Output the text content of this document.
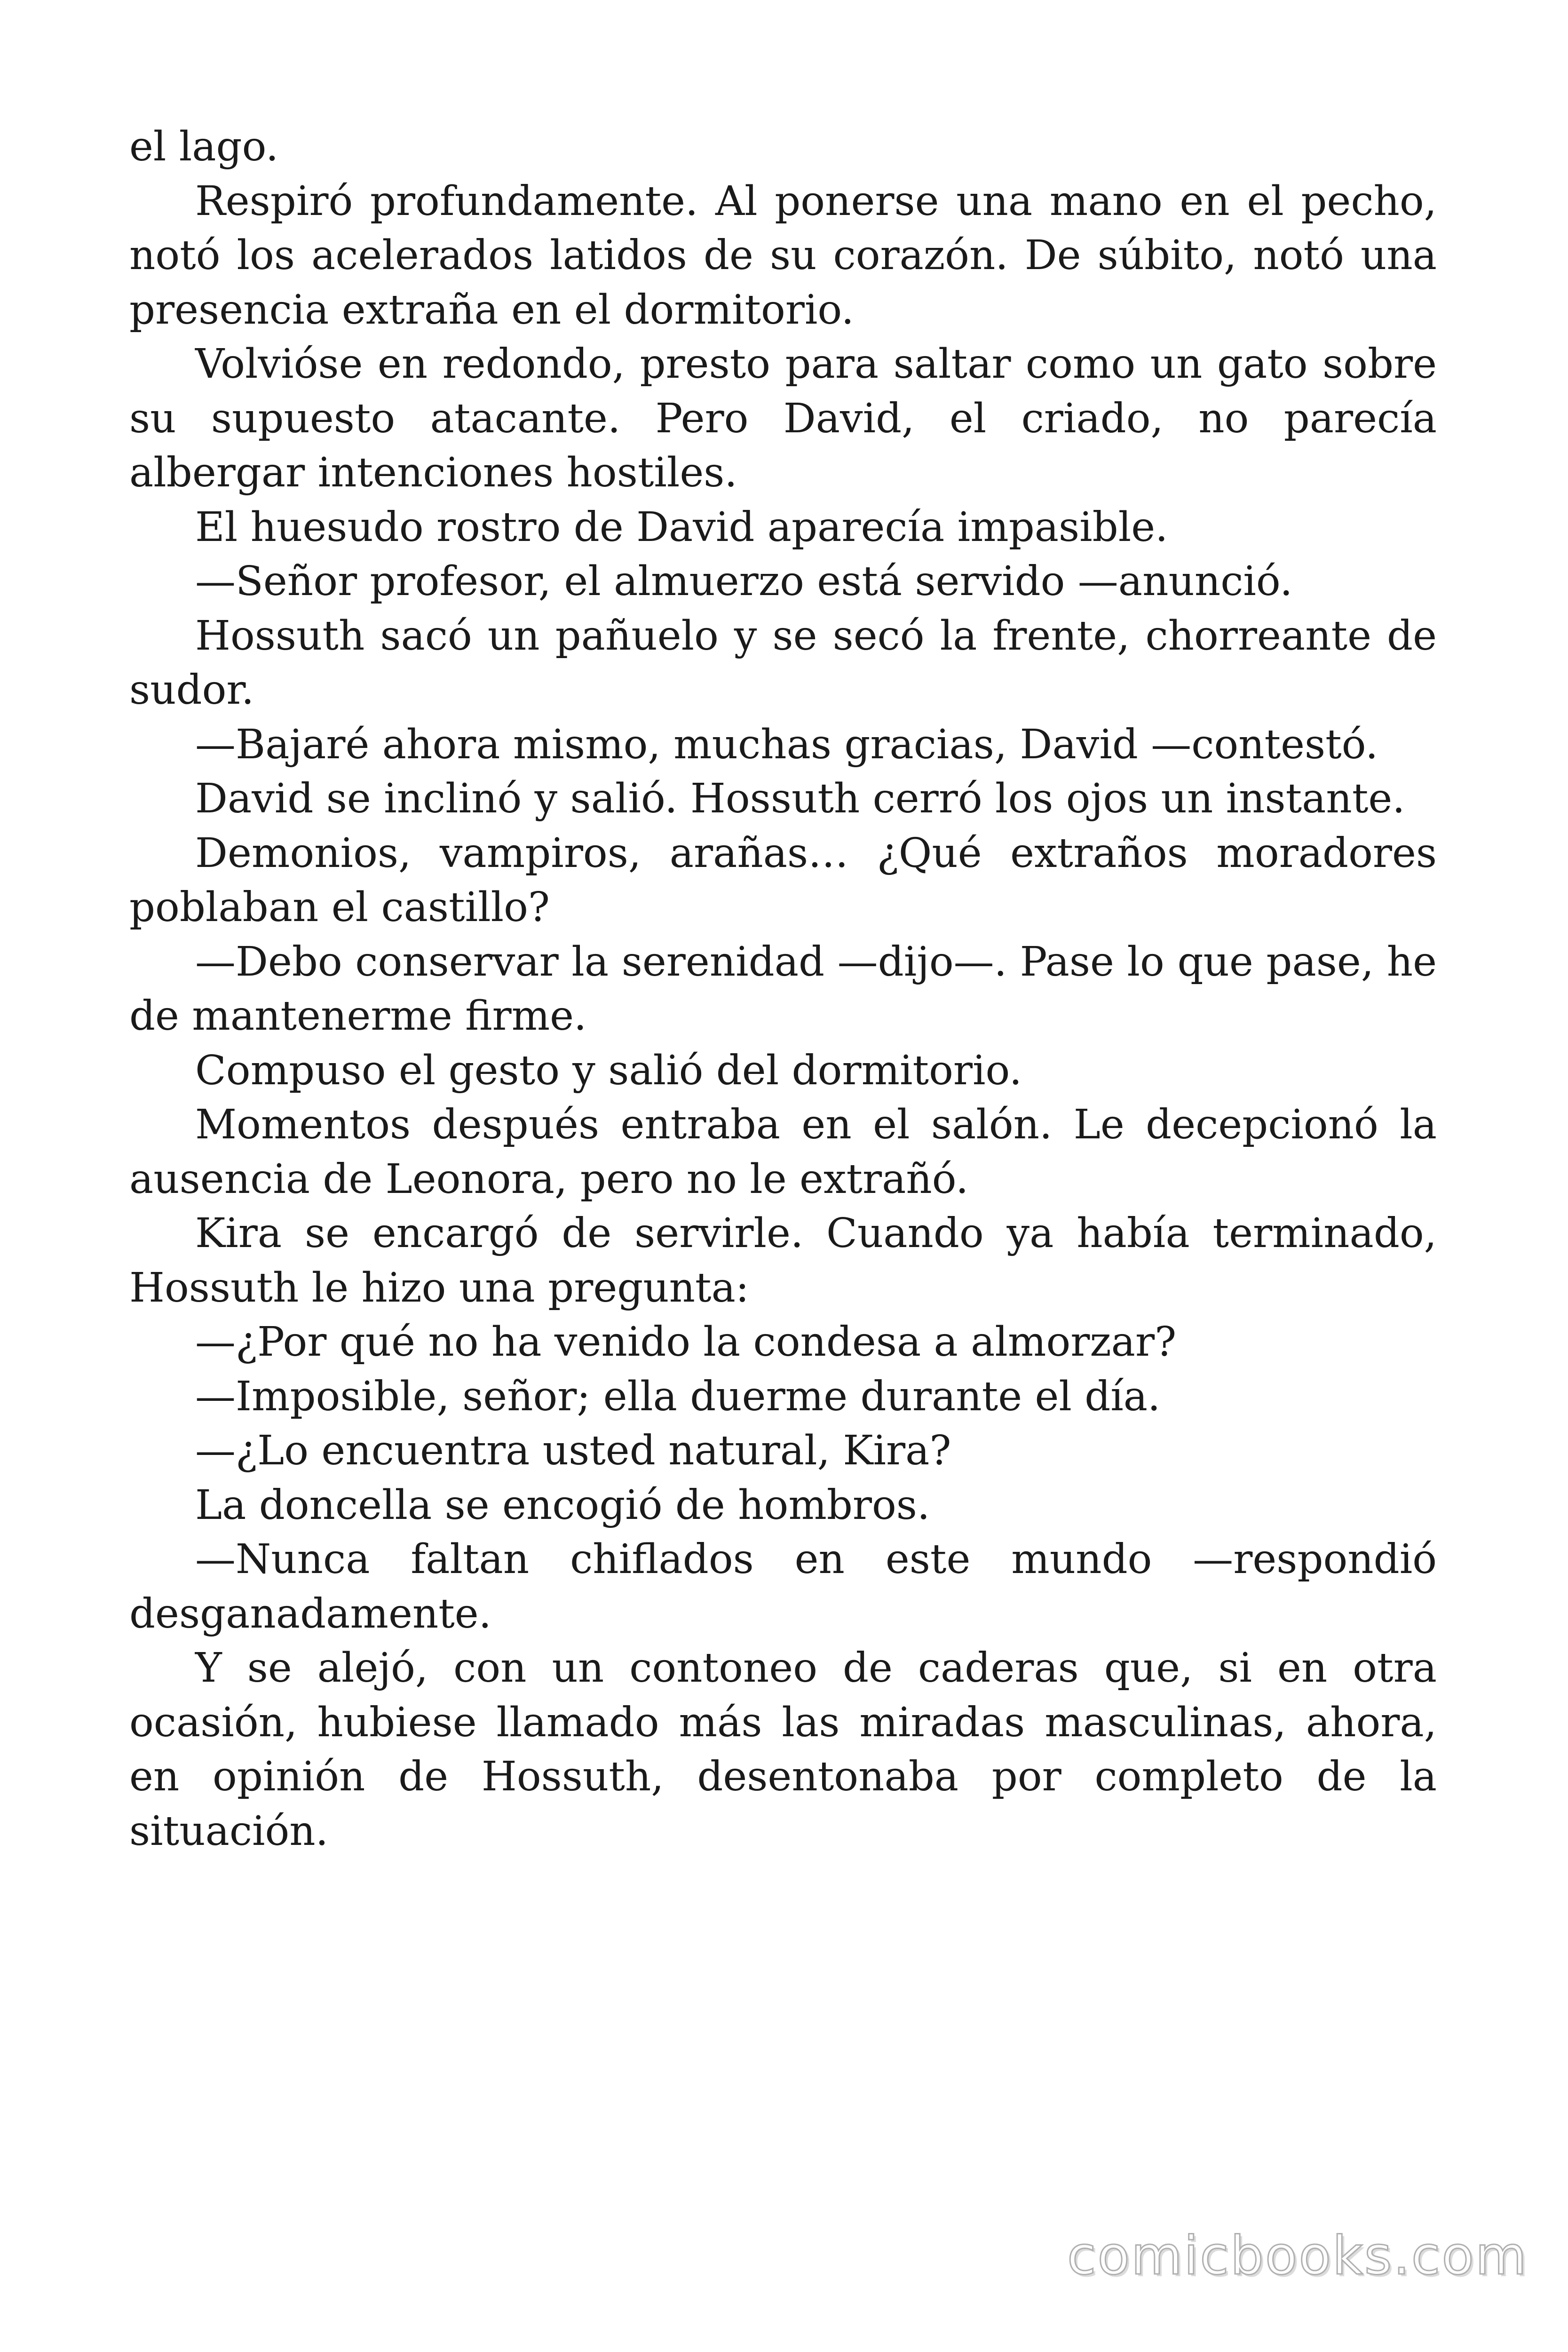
el lago.

Respiró profundamente. Al ponerse una mano en el pecho, notó los acelerados latidos de su corazón. De súbito, notó una presencia extraña en el dormitorio.

Volvióse en redondo, presto para saltar como un gato sobre su supuesto atacante. Pero David, el criado, no parecía albergar intenciones hostiles.

El huesudo rostro de David aparecía impasible.

—Señor profesor, el almuerzo está servido —anunció.

Hossuth sacó un pañuelo y se secó la frente, chorreante de sudor.

—Bajaré ahora mismo, muchas gracias, David —contestó.

David se inclinó y salió. Hossuth cerró los ojos un instante.

Demonios, vampiros, arañas… ¿Qué extraños moradores poblaban el castillo?

—Debo conservar la serenidad —dijo—. Pase lo que pase, he de mantenerme firme.

Compuso el gesto y salió del dormitorio.

Momentos después entraba en el salón. Le decepcionó la ausencia de Leonora, pero no le extrañó.

Kira se encargó de servirle. Cuando ya había terminado, Hossuth le hizo una pregunta:

—¿Por qué no ha venido la condesa a almorzar?

—Imposible, señor; ella duerme durante el día.

—¿Lo encuentra usted natural, Kira?

La doncella se encogió de hombros.

—Nunca faltan chiflados en este mundo —respondió desganadamente.

Y se alejó, con un contoneo de caderas que, si en otra ocasión, hubiese llamado más las miradas masculinas, ahora, en opinión de Hossuth, desentonaba por completo de la situación.

comicbooks.com
